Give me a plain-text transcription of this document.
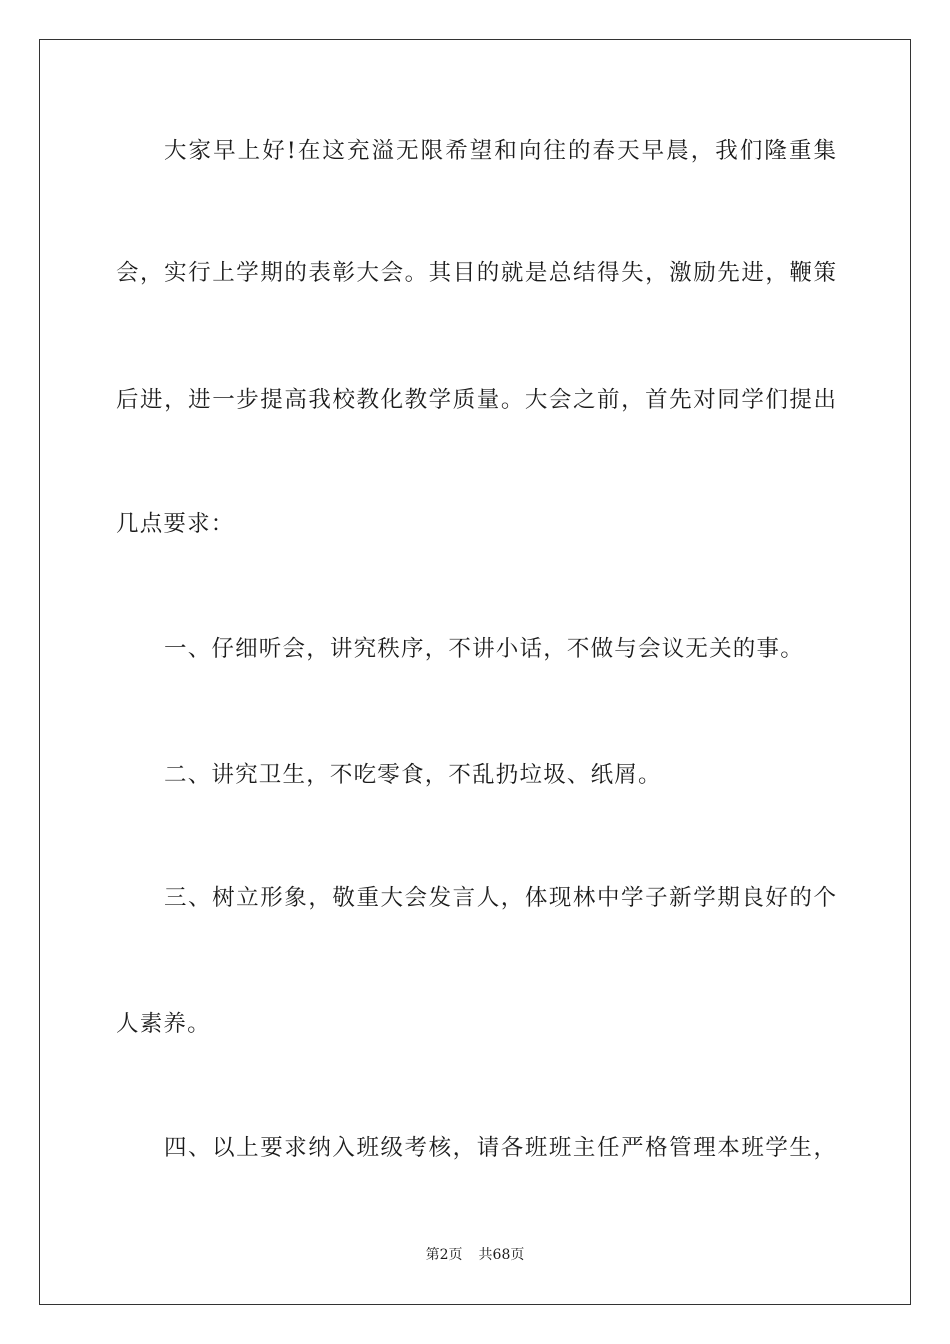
大家早上好!在这充溢无限希望和向往的春天早晨，我们隆重集
会，实行上学期的表彰大会。其目的就是总结得失，激励先进，鞭策
后进，进一步提高我校教化教学质量。大会之前，首先对同学们提出
几点要求：
一、仔细听会，讲究秩序，不讲小话，不做与会议无关的事。
二、讲究卫生，不吃零食，不乱扔垃圾、纸屑。
三、树立形象，敬重大会发言人，体现林中学子新学期良好的个
人素养。
四、以上要求纳入班级考核，请各班班主任严格管理本班学生，
第2页 共68页
